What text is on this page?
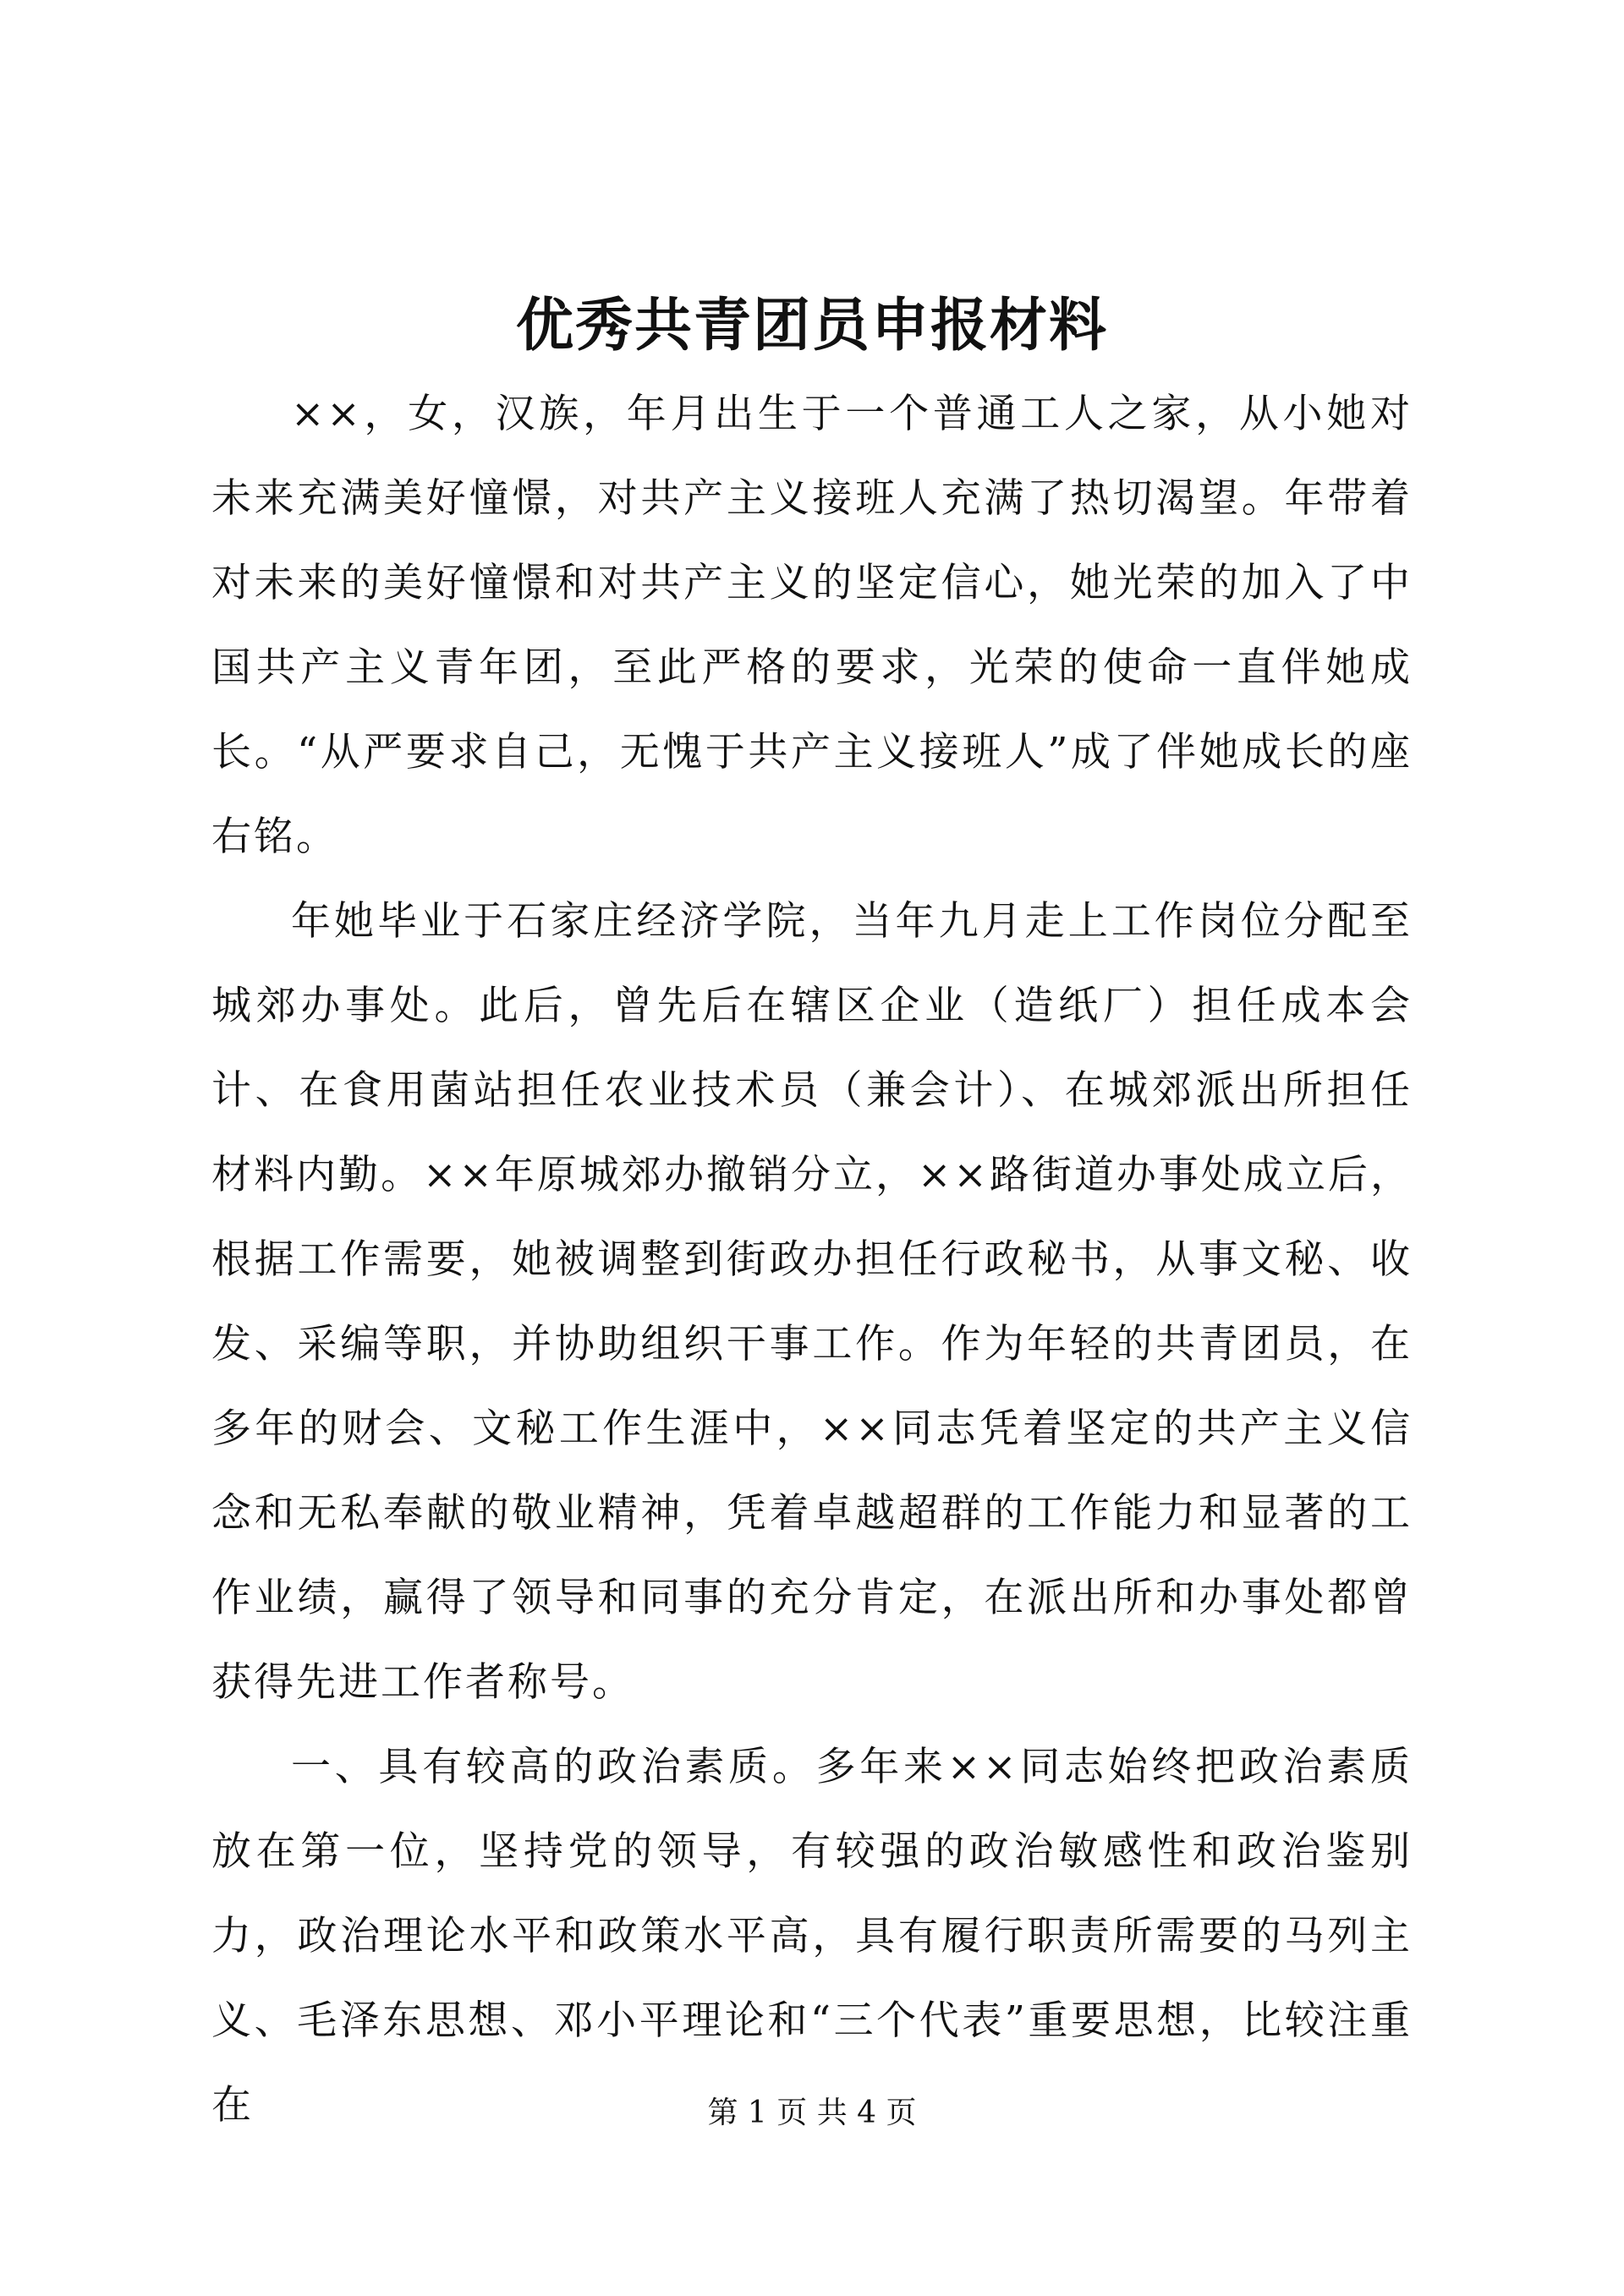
优秀共青团员申报材料

××，女，汉族，年月出生于一个普通工人之家，从小她对未来充满美好憧憬，对共产主义接班人充满了热切渴望。年带着对未来的美好憧憬和对共产主义的坚定信心，她光荣的加入了中国共产主义青年团，至此严格的要求，光荣的使命一直伴她成长。“从严要求自己，无愧于共产主义接班人”成了伴她成长的座右铭。

年她毕业于石家庄经济学院，当年九月走上工作岗位分配至城郊办事处。此后，曾先后在辖区企业（造纸厂）担任成本会计、在食用菌站担任农业技术员（兼会计）、在城郊派出所担任材料内勤。××年原城郊办撤销分立，××路街道办事处成立后，根据工作需要，她被调整到街政办担任行政秘书，从事文秘、收发、采编等职，并协助组织干事工作。作为年轻的共青团员，在多年的财会、文秘工作生涯中，××同志凭着坚定的共产主义信念和无私奉献的敬业精神，凭着卓越超群的工作能力和显著的工作业绩，赢得了领导和同事的充分肯定，在派出所和办事处都曾获得先进工作者称号。

一、具有较高的政治素质。多年来××同志始终把政治素质放在第一位，坚持党的领导，有较强的政治敏感性和政治鉴别力，政治理论水平和政策水平高，具有履行职责所需要的马列主义、毛泽东思想、邓小平理论和“三个代表”重要思想，比较注重在	第 1 页 共 4 页
